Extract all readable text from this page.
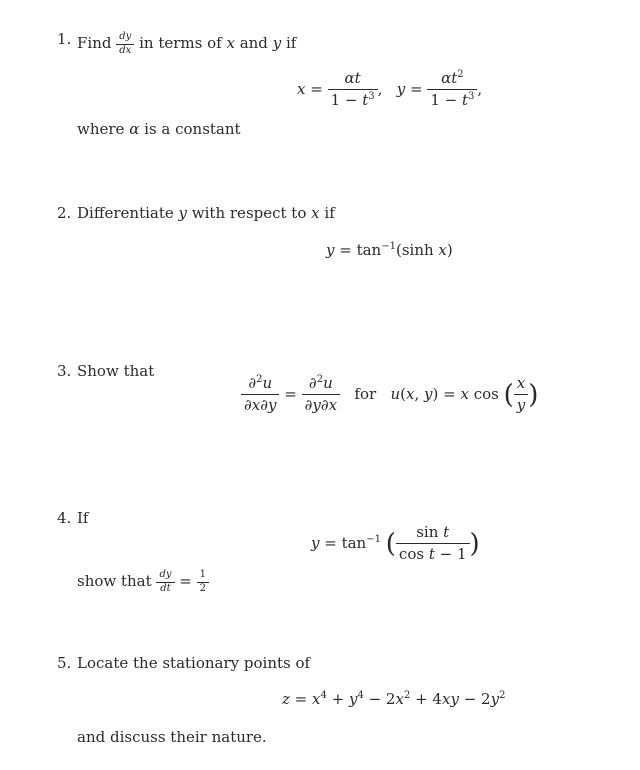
1. Find $\frac{dy}{dx}$ in terms of x and y if
$x = \frac{\alpha t}{1 - t^3}$ ,   $y = \frac{\alpha t^2}{1 - t^3}$ ,
where α is a constant
2. Differentiate y with respect to x if
$y = \tan^{-1}(\sinh$ x)
3. Show that
$\frac{\partial^2u}{\partial x\partial y} = \frac{\partial^2u}{\partial y\partial x}$ for u(x, y) = x cos ( $\frac{x}{y}$ )
4. If
$y = \tan^{-1}$ ( $\frac{\text{sin t}}{\text{cos t − 1}}$ )
show that $\frac{dy}{dt} = \frac{1}{2}$
5. Locate the stationary points of
$z = x^4 + y^4 - 2x^2 + 4xy - 2y^2$
and discuss their nature.
